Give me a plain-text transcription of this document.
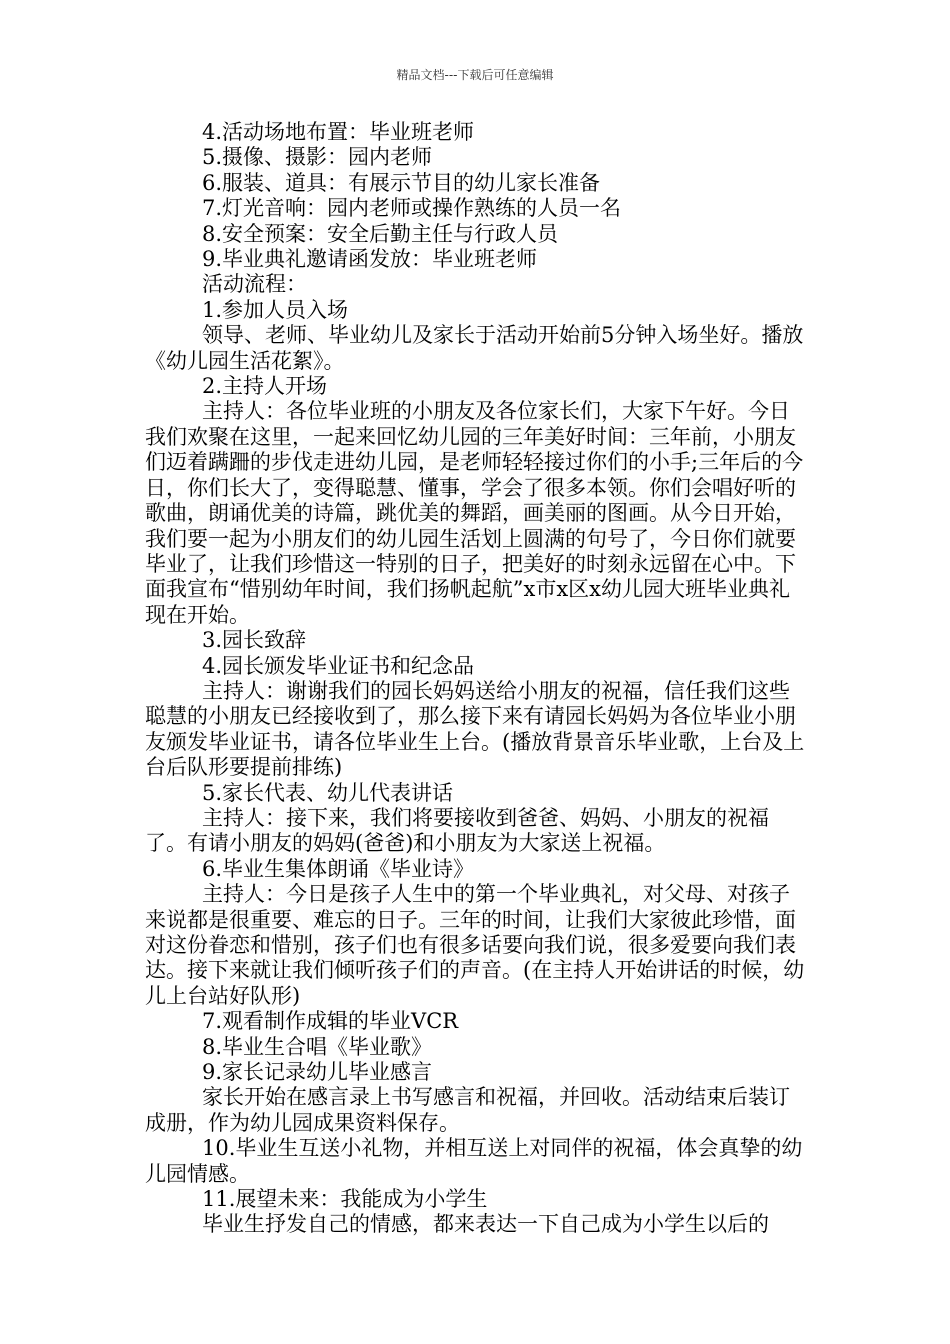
精品文档---下载后可任意编辑

4.活动场地布置：毕业班老师

5.摄像、摄影：园内老师

6.服装、道具：有展示节目的幼儿家长准备

7.灯光音响：园内老师或操作熟练的人员一名

8.安全预案：安全后勤主任与行政人员

9.毕业典礼邀请函发放：毕业班老师

活动流程：

1.参加人员入场

领导、老师、毕业幼儿及家长于活动开始前5分钟入场坐好。播放《幼儿园生活花絮》。

2.主持人开场

主持人：各位毕业班的小朋友及各位家长们，大家下午好。今日我们欢聚在这里，一起来回忆幼儿园的三年美好时间：三年前，小朋友们迈着蹒跚的步伐走进幼儿园，是老师轻轻接过你们的小手;三年后的今日，你们长大了，变得聪慧、懂事，学会了很多本领。你们会唱好听的歌曲，朗诵优美的诗篇，跳优美的舞蹈，画美丽的图画。从今日开始，我们要一起为小朋友们的幼儿园生活划上圆满的句号了，今日你们就要毕业了，让我们珍惜这一特别的日子，把美好的时刻永远留在心中。下面我宣布“惜别幼年时间，我们扬帆起航”x市x区x幼儿园大班毕业典礼现在开始。

3.园长致辞

4.园长颁发毕业证书和纪念品

主持人：谢谢我们的园长妈妈送给小朋友的祝福，信任我们这些聪慧的小朋友已经接收到了，那么接下来有请园长妈妈为各位毕业小朋友颁发毕业证书，请各位毕业生上台。(播放背景音乐毕业歌，上台及上台后队形要提前排练)

5.家长代表、幼儿代表讲话

主持人：接下来，我们将要接收到爸爸、妈妈、小朋友的祝福了。有请小朋友的妈妈(爸爸)和小朋友为大家送上祝福。

6.毕业生集体朗诵《毕业诗》

主持人：今日是孩子人生中的第一个毕业典礼，对父母、对孩子来说都是很重要、难忘的日子。三年的时间，让我们大家彼此珍惜，面对这份眷恋和惜别，孩子们也有很多话要向我们说，很多爱要向我们表达。接下来就让我们倾听孩子们的声音。(在主持人开始讲话的时候，幼儿上台站好队形)

7.观看制作成辑的毕业VCR

8.毕业生合唱《毕业歌》

9.家长记录幼儿毕业感言

家长开始在感言录上书写感言和祝福，并回收。活动结束后装订成册，作为幼儿园成果资料保存。

10.毕业生互送小礼物，并相互送上对同伴的祝福，体会真挚的幼儿园情感。

11.展望未来：我能成为小学生

毕业生抒发自己的情感，都来表达一下自己成为小学生以后的
